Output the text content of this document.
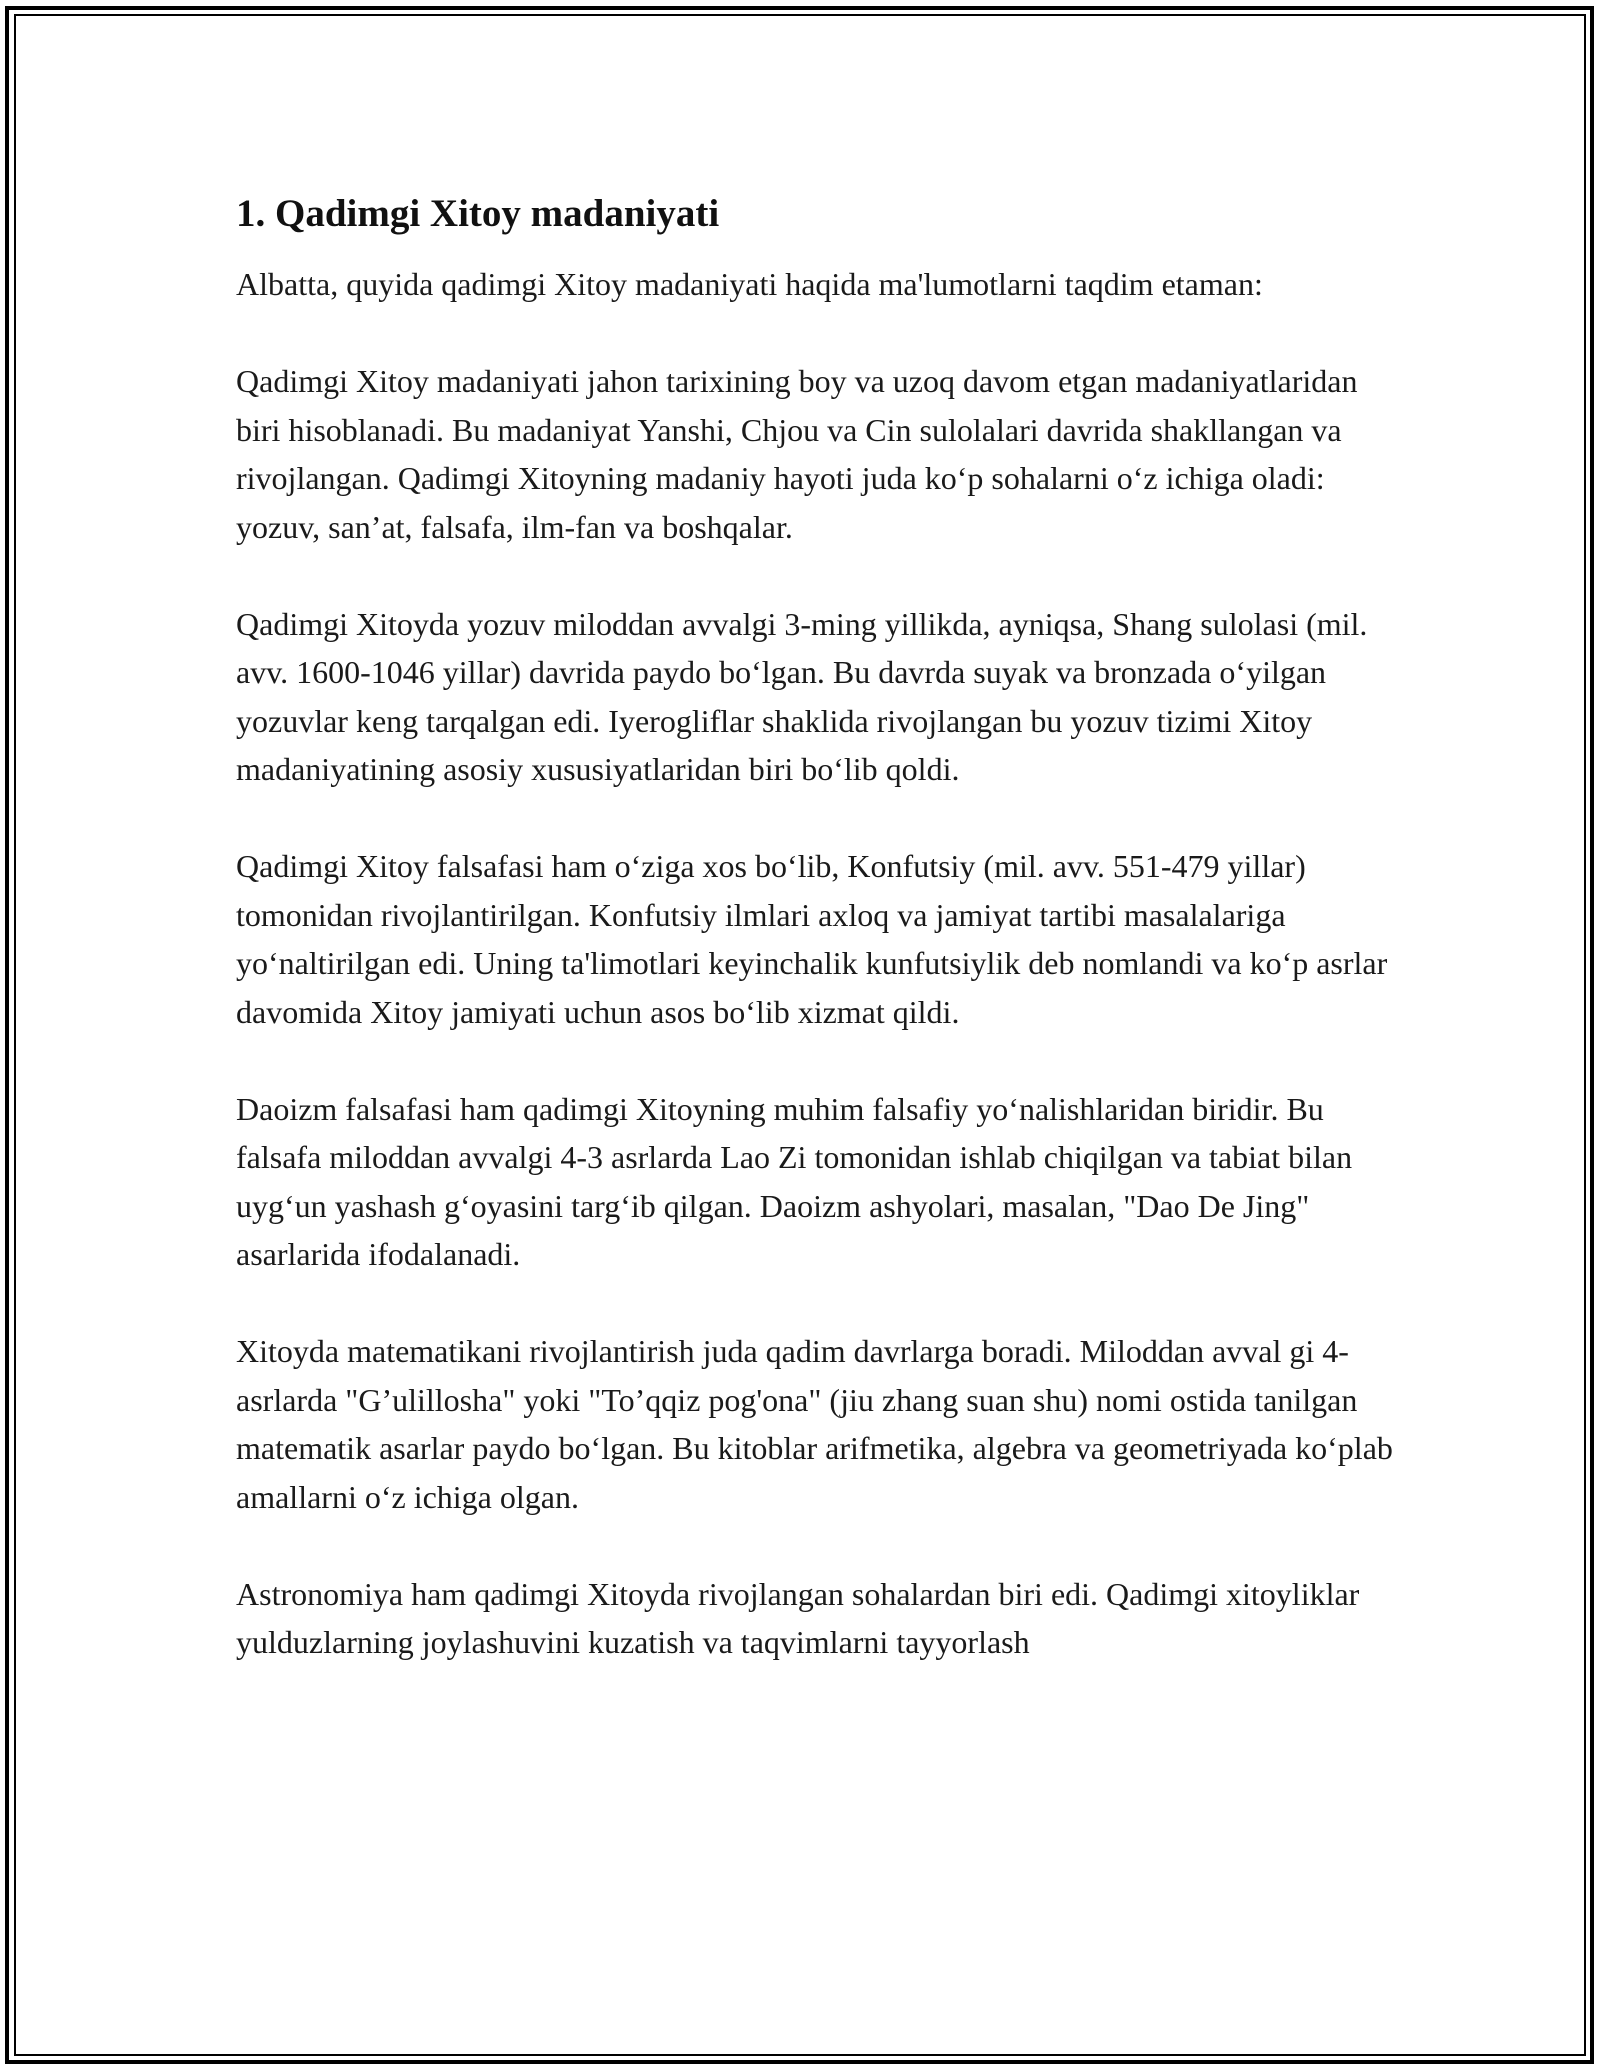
1. Qadimgi Xitoy madaniyati

Albatta, quyida qadimgi Xitoy madaniyati haqida ma'lumotlarni taqdim etaman:

Qadimgi Xitoy madaniyati jahon tarixining boy va uzoq davom etgan madaniyatlaridan biri hisoblanadi. Bu madaniyat Yanshi, Chjou va Cin sulolalari davrida shakllangan va rivojlangan. Qadimgi Xitoyning madaniy hayoti juda koʻp sohalarni oʻz ichiga oladi: yozuv, san’at, falsafa, ilm-fan va boshqalar.

Qadimgi Xitoyda yozuv miloddan avvalgi 3-ming yillikda, ayniqsa, Shang sulolasi (mil. avv. 1600-1046 yillar) davrida paydo boʻlgan. Bu davrda suyak va bronzada oʻyilgan yozuvlar keng tarqalgan edi. Iyerogliflar shaklida rivojlangan bu yozuv tizimi Xitoy madaniyatining asosiy xususiyatlaridan biri boʻlib qoldi.

Qadimgi Xitoy falsafasi ham oʻziga xos boʻlib, Konfutsiy (mil. avv. 551-479 yillar) tomonidan rivojlantirilgan. Konfutsiy ilmlari axloq va jamiyat tartibi masalalariga yoʻnaltirilgan edi. Uning ta'limotlari keyinchalik kunfutsiylik deb nomlandi va koʻp asrlar davomida Xitoy jamiyati uchun asos boʻlib xizmat qildi.

Daoizm falsafasi ham qadimgi Xitoyning muhim falsafiy yoʻnalishlaridan biridir. Bu falsafa miloddan avvalgi 4-3 asrlarda Lao Zi tomonidan ishlab chiqilgan va tabiat bilan uygʻun yashash gʻoyasini targʻib qilgan. Daoizm ashyolari, masalan, "Dao De Jing" asarlarida ifodalanadi.

Xitoyda matematikani rivojlantirish juda qadim davrlarga boradi. Miloddan avval gi 4-asrlarda "G’ulillosha" yoki "To’qqiz pog'ona" (jiu zhang suan shu) nomi ostida tanilgan matematik asarlar paydo boʻlgan. Bu kitoblar arifmetika, algebra va geometriyada koʻplab amallarni oʻz ichiga olgan.

Astronomiya ham qadimgi Xitoyda rivojlangan sohalardan biri edi. Qadimgi xitoyliklar yulduzlarning joylashuvini kuzatish va taqvimlarni tayyorlash
